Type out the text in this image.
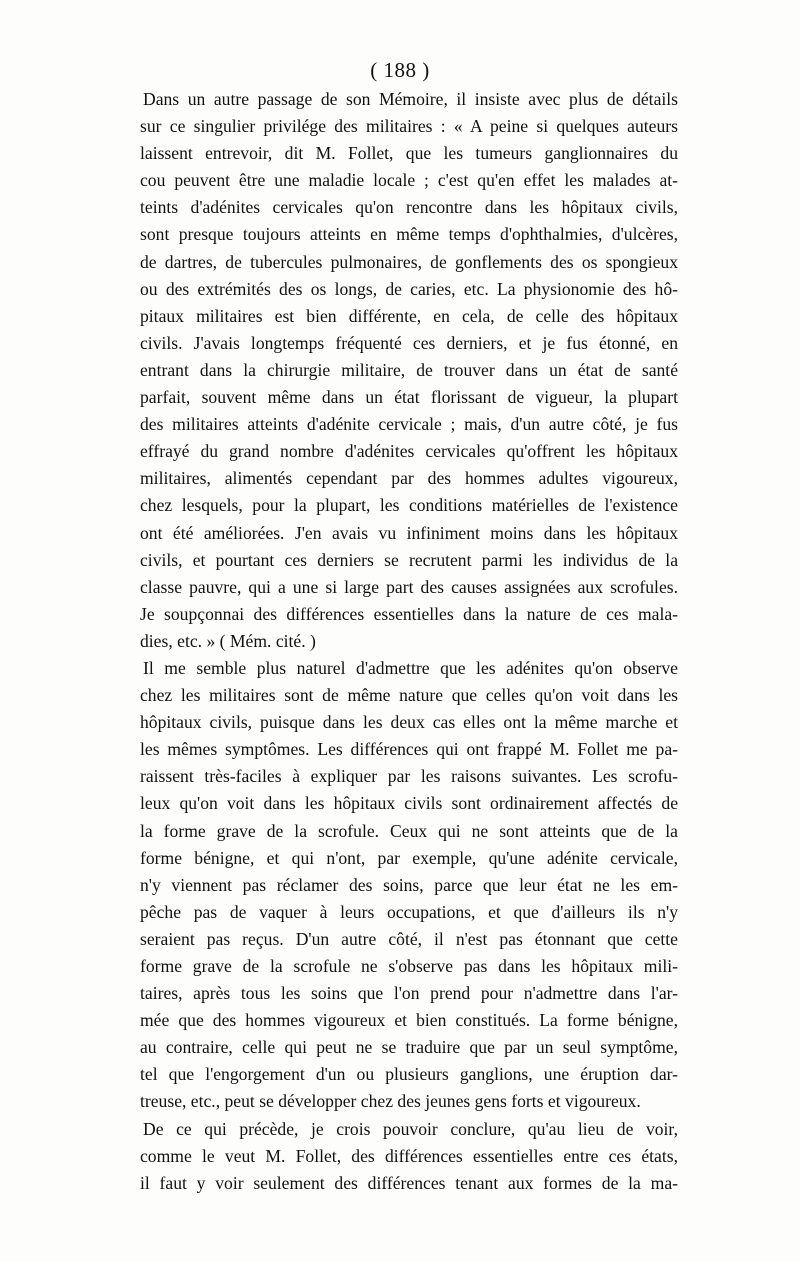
( 188 )
Dans un autre passage de son Mémoire, il insiste avec plus de détails
sur ce singulier privilége des militaires : « A peine si quelques auteurs
laissent entrevoir, dit M. Follet, que les tumeurs ganglionnaires du
cou peuvent être une maladie locale ; c'est qu'en effet les malades at-
teints d'adénites cervicales qu'on rencontre dans les hôpitaux civils,
sont presque toujours atteints en même temps d'ophthalmies, d'ulcères,
de dartres, de tubercules pulmonaires, de gonflements des os spongieux
ou des extrémités des os longs, de caries, etc. La physionomie des hô-
pitaux militaires est bien différente, en cela, de celle des hôpitaux
civils. J'avais longtemps fréquenté ces derniers, et je fus étonné, en
entrant dans la chirurgie militaire, de trouver dans un état de santé
parfait, souvent même dans un état florissant de vigueur, la plupart
des militaires atteints d'adénite cervicale ; mais, d'un autre côté, je fus
effrayé du grand nombre d'adénites cervicales qu'offrent les hôpitaux
militaires, alimentés cependant par des hommes adultes vigoureux,
chez lesquels, pour la plupart, les conditions matérielles de l'existence
ont été améliorées. J'en avais vu infiniment moins dans les hôpitaux
civils, et pourtant ces derniers se recrutent parmi les individus de la
classe pauvre, qui a une si large part des causes assignées aux scrofules.
Je soupçonnai des différences essentielles dans la nature de ces mala-
dies, etc. » ( Mém. cité. )
Il me semble plus naturel d'admettre que les adénites qu'on observe
chez les militaires sont de même nature que celles qu'on voit dans les
hôpitaux civils, puisque dans les deux cas elles ont la même marche et
les mêmes symptômes. Les différences qui ont frappé M. Follet me pa-
raissent très-faciles à expliquer par les raisons suivantes. Les scrofu-
leux qu'on voit dans les hôpitaux civils sont ordinairement affectés de
la forme grave de la scrofule. Ceux qui ne sont atteints que de la
forme bénigne, et qui n'ont, par exemple, qu'une adénite cervicale,
n'y viennent pas réclamer des soins, parce que leur état ne les em-
pêche pas de vaquer à leurs occupations, et que d'ailleurs ils n'y
seraient pas reçus. D'un autre côté, il n'est pas étonnant que cette
forme grave de la scrofule ne s'observe pas dans les hôpitaux mili-
taires, après tous les soins que l'on prend pour n'admettre dans l'ar-
mée que des hommes vigoureux et bien constitués. La forme bénigne,
au contraire, celle qui peut ne se traduire que par un seul symptôme,
tel que l'engorgement d'un ou plusieurs ganglions, une éruption dar-
treuse, etc., peut se développer chez des jeunes gens forts et vigoureux.
De ce qui précède, je crois pouvoir conclure, qu'au lieu de voir,
comme le veut M. Follet, des différences essentielles entre ces états,
il faut y voir seulement des différences tenant aux formes de la ma-
